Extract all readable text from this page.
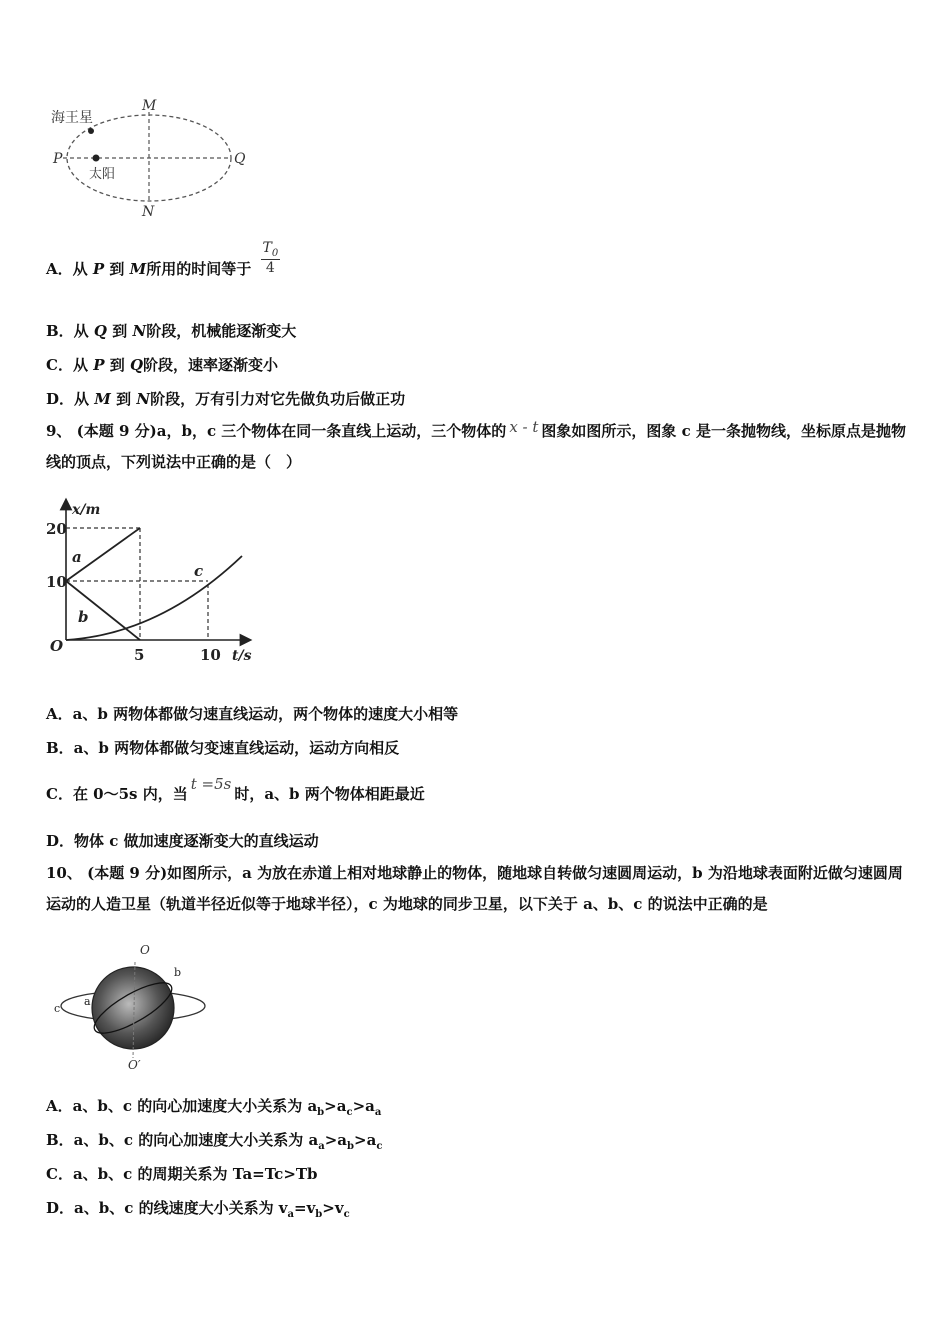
海王星
太阳
M
N
P	Q
A．从 P 到 M所用的时间等于 $\frac{T_0}{4}$
B．从 Q 到 N阶段，机械能逐渐变大
C．从 P 到 Q阶段，速率逐渐变小
D．从 M 到 N阶段，万有引力对它先做负功后做正功
9、 (本题 9 分)a，b，c 三个物体在同一条直线上运动，三个物体的 x - t 图象如图所示，图象 c 是一条抛物线，坐标原点是抛物线的顶点，下列说法中正确的是（　）
x/m
t/s
20
10
O	5	10
a
b
c
A．a、b 两物体都做匀速直线运动，两个物体的速度大小相等
B．a、b 两物体都做匀变速直线运动，运动方向相反
C．在 0～5s 内，当t =5s时，a、b 两个物体相距最近
D．物体 c 做加速度逐渐变大的直线运动
10、 (本题 9 分)如图所示，a 为放在赤道上相对地球静止的物体，随地球自转做匀速圆周运动，b 为沿地球表面附近做匀速圆周运动的人造卫星（轨道半径近似等于地球半径），c 为地球的同步卫星，以下关于 a、b、c 的说法中正确的是
O
O′
a
b
c
A．a、b、c 的向心加速度大小关系为 $a_b>a_c>a_a$
B．a、b、c 的向心加速度大小关系为 $a_a>a_b>a_c$
C．a、b、c 的周期关系为 Ta=Tc>Tb
D．a、b、c 的线速度大小关系为 $v_a=v_b>v_c$
